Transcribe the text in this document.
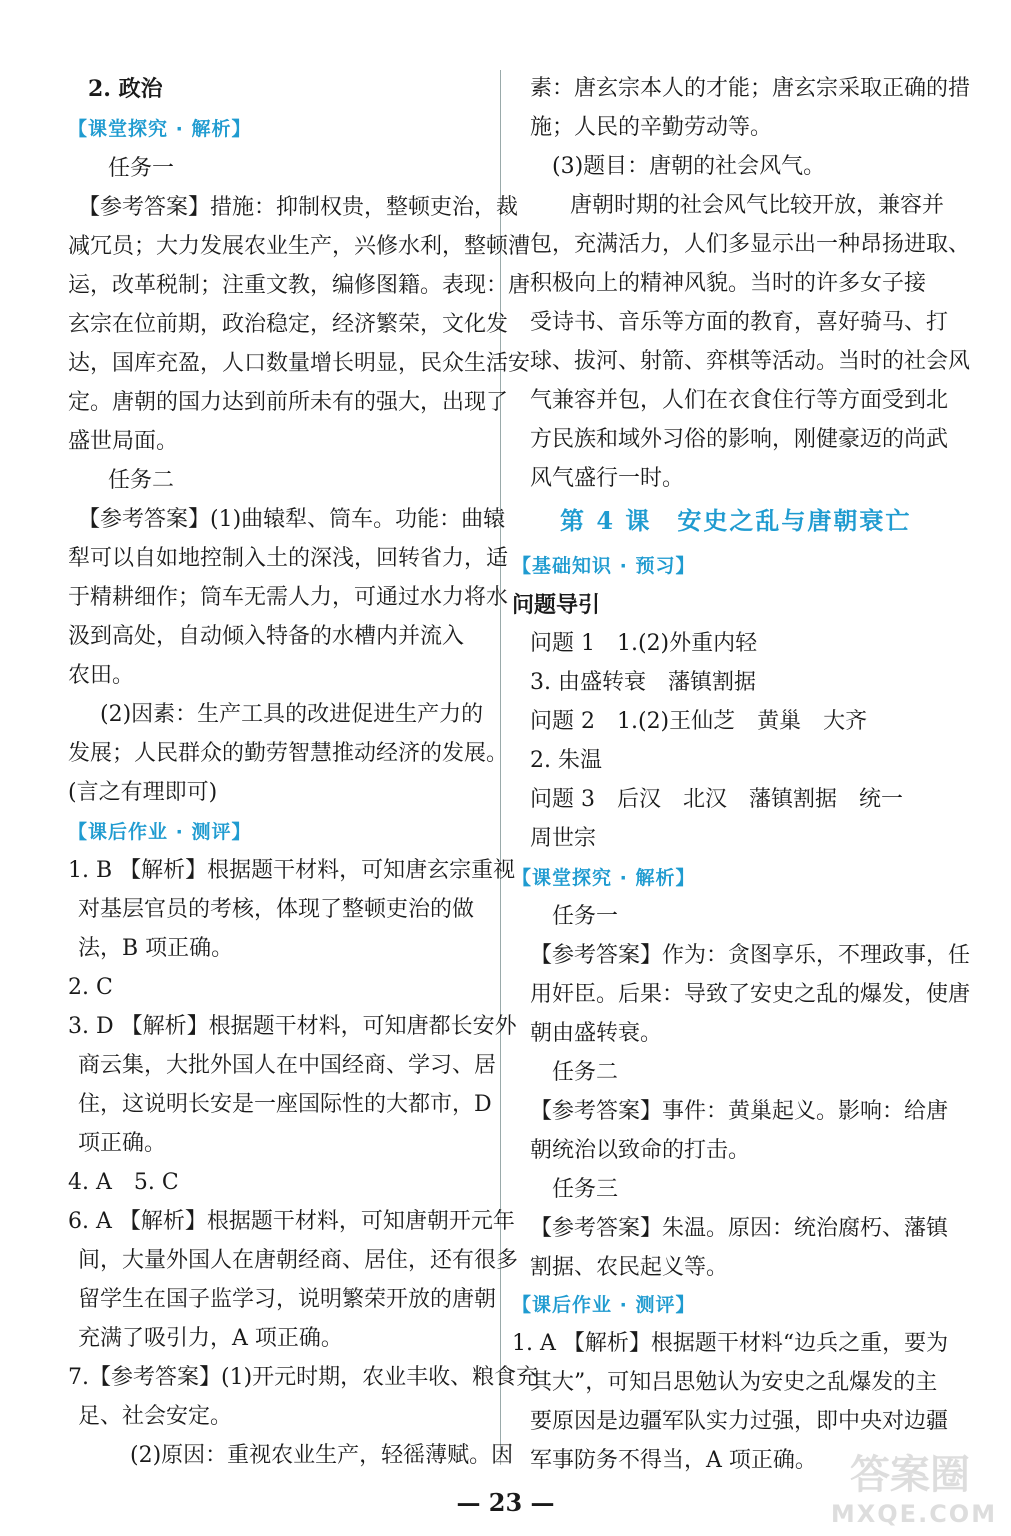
2. 政治
【课堂探究 · 解析】
任务一
【参考答案】措施：抑制权贵，整顿吏治，裁
减冗员；大力发展农业生产，兴修水利，整顿漕
运，改革税制；注重文教，编修图籍。表现：唐
玄宗在位前期，政治稳定，经济繁荣，文化发
达，国库充盈，人口数量增长明显，民众生活安
定。唐朝的国力达到前所未有的强大，出现了
盛世局面。
任务二
【参考答案】(1)曲辕犁、筒车。功能：曲辕
犁可以自如地控制入土的深浅，回转省力，适
于精耕细作；筒车无需人力，可通过水力将水
汲到高处，自动倾入特备的水槽内并流入
农田。
(2)因素：生产工具的改进促进生产力的
发展；人民群众的勤劳智慧推动经济的发展。
(言之有理即可)
【课后作业 · 测评】
1. B 【解析】根据题干材料，可知唐玄宗重视
对基层官员的考核，体现了整顿吏治的做
法，B 项正确。
2. C
3. D 【解析】根据题干材料，可知唐都长安外
商云集，大批外国人在中国经商、学习、居
住，这说明长安是一座国际性的大都市，D
项正确。
4. A　5. C
6. A 【解析】根据题干材料，可知唐朝开元年
间，大量外国人在唐朝经商、居住，还有很多
留学生在国子监学习，说明繁荣开放的唐朝
充满了吸引力，A 项正确。
7.【参考答案】(1)开元时期，农业丰收、粮食充
足、社会安定。
(2)原因：重视农业生产，轻徭薄赋。因
素：唐玄宗本人的才能；唐玄宗采取正确的措
施；人民的辛勤劳动等。
(3)题目：唐朝的社会风气。
唐朝时期的社会风气比较开放，兼容并
包，充满活力，人们多显示出一种昂扬进取、
积极向上的精神风貌。当时的许多女子接
受诗书、音乐等方面的教育，喜好骑马、打
球、拔河、射箭、弈棋等活动。当时的社会风
气兼容并包，人们在衣食住行等方面受到北
方民族和域外习俗的影响，刚健豪迈的尚武
风气盛行一时。
第 4 课　安史之乱与唐朝衰亡
【基础知识 · 预习】
问题导引
问题 1　1.(2)外重内轻
3. 由盛转衰　藩镇割据
问题 2　1.(2)王仙芝　黄巢　大齐
2. 朱温
问题 3　后汉　北汉　藩镇割据　统一
周世宗
【课堂探究 · 解析】
任务一
【参考答案】作为：贪图享乐，不理政事，任
用奸臣。后果：导致了安史之乱的爆发，使唐
朝由盛转衰。
任务二
【参考答案】事件：黄巢起义。影响：给唐
朝统治以致命的打击。
任务三
【参考答案】朱温。原因：统治腐朽、藩镇
割据、农民起义等。
【课后作业 · 测评】
1. A 【解析】根据题干材料“边兵之重，要为
其大”，可知吕思勉认为安史之乱爆发的主
要原因是边疆军队实力过强，即中央对边疆
军事防务不得当，A 项正确。
— 23 —
答案圈
MXQE.COM
